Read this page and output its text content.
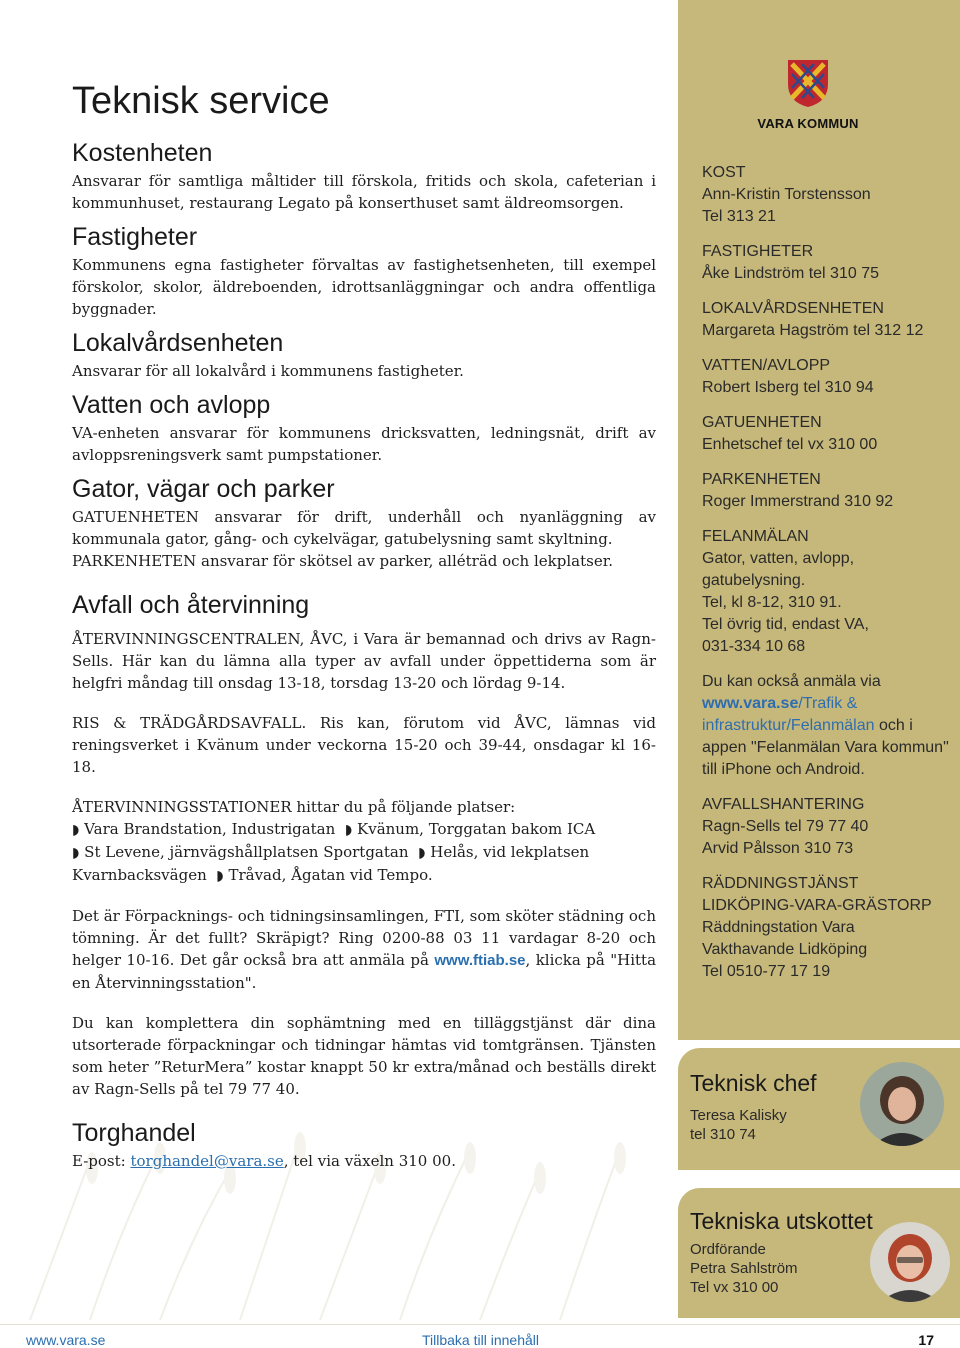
Teknisk service
Kostenheten

Ansvarar för samtliga måltider till förskola, fritids och skola, cafeterian i kommunhuset, restaurang Legato på konserthuset samt äldreomsorgen.

Fastigheter

Kommunens egna fastigheter förvaltas av fastighetsenheten, till exempel förskolor, skolor, äldreboenden, idrottsanläggningar och andra offentliga byggnader.

Lokalvårdsenheten

Ansvarar för all lokalvård i kommunens fastigheter.

Vatten och avlopp

VA-enheten ansvarar för kommunens dricksvatten, ledningsnät, drift av avloppsreningsverk samt pumpstationer.

Gator, vägar och parker

GATUENHETEN ansvarar för drift, underhåll och nyanläggning av kommunala gator, gång- och cykelvägar, gatubelysning samt skyltning.

PARKENHETEN ansvarar för skötsel av parker, alléträd och lekplatser.

Avfall och återvinning

ÅTERVINNINGSCENTRALEN, ÅVC, i Vara är bemannad och drivs av Ragn-Sells. Här kan du lämna alla typer av avfall under öppettiderna som är helgfri måndag till onsdag 13-18, torsdag 13-20 och lördag 9-14.

RIS & TRÄDGÅRDSAVFALL. Ris kan, förutom vid ÅVC, lämnas vid reningsverket i Kvänum under veckorna 15-20 och 39-44, onsdagar kl 16-18.

ÅTERVINNINGSSTATIONER hittar du på följande platser:

◗ Vara Brandstation, Industrigatan ◗ Kvänum, Torggatan bakom ICA
◗ St Levene, järnvägshållplatsen Sportgatan ◗ Helås, vid lekplatsen Kvarnbacksvägen ◗ Tråvad, Ågatan vid Tempo.

Det är Förpacknings- och tidningsinsamlingen, FTI, som sköter städning och tömning. Är det fullt? Skräpigt? Ring 0200-88 03 11 vardagar 8-20 och helger 10-16. Det går också bra att anmäla på www.ftiab.se, klicka på "Hitta en Återvinningsstation".

Du kan komplettera din sophämtning med en tilläggstjänst där dina utsorterade förpackningar och tidningar hämtas vid tomtgränsen. Tjänsten som heter ”ReturMera” kostar knappt 50 kr extra/månad och beställs direkt av Ragn-Sells på tel 79 77 40.

Torghandel

E-post: torghandel@vara.se, tel via växeln 310 00.

VARA KOMMUN
KOST
Ann-Kristin Torstensson
Tel 313 21
FASTIGHETER
Åke Lindström tel 310 75
LOKALVÅRDSENHETEN
Margareta Hagström tel 312 12
VATTEN/AVLOPP
Robert Isberg tel 310 94
GATUENHETEN
Enhetschef tel vx 310 00
PARKENHETEN
Roger Immerstrand 310 92
FELANMÄLAN
Gator, vatten, avlopp,
gatubelysning.
Tel, kl 8-12, 310 91.
Tel övrig tid, endast VA,
031-334 10 68
Du kan också anmäla via
www.vara.se/Trafik & infrastruktur/Felanmälan och i appen "Felanmälan Vara kommun" till iPhone och Android.
AVFALLSHANTERING
Ragn-Sells tel 79 77 40
Arvid Pålsson 310 73
RÄDDNINGSTJÄNST
LIDKÖPING-VARA-GRÄSTORP
Räddningstation Vara
Vakthavande Lidköping
Tel 0510-77 17 19
Teknisk chef
Teresa Kalisky
tel 310 74
Tekniska utskottet
Ordförande
Petra Sahlström
Tel vx 310 00
www.vara.se	Tillbaka till innehåll	17
